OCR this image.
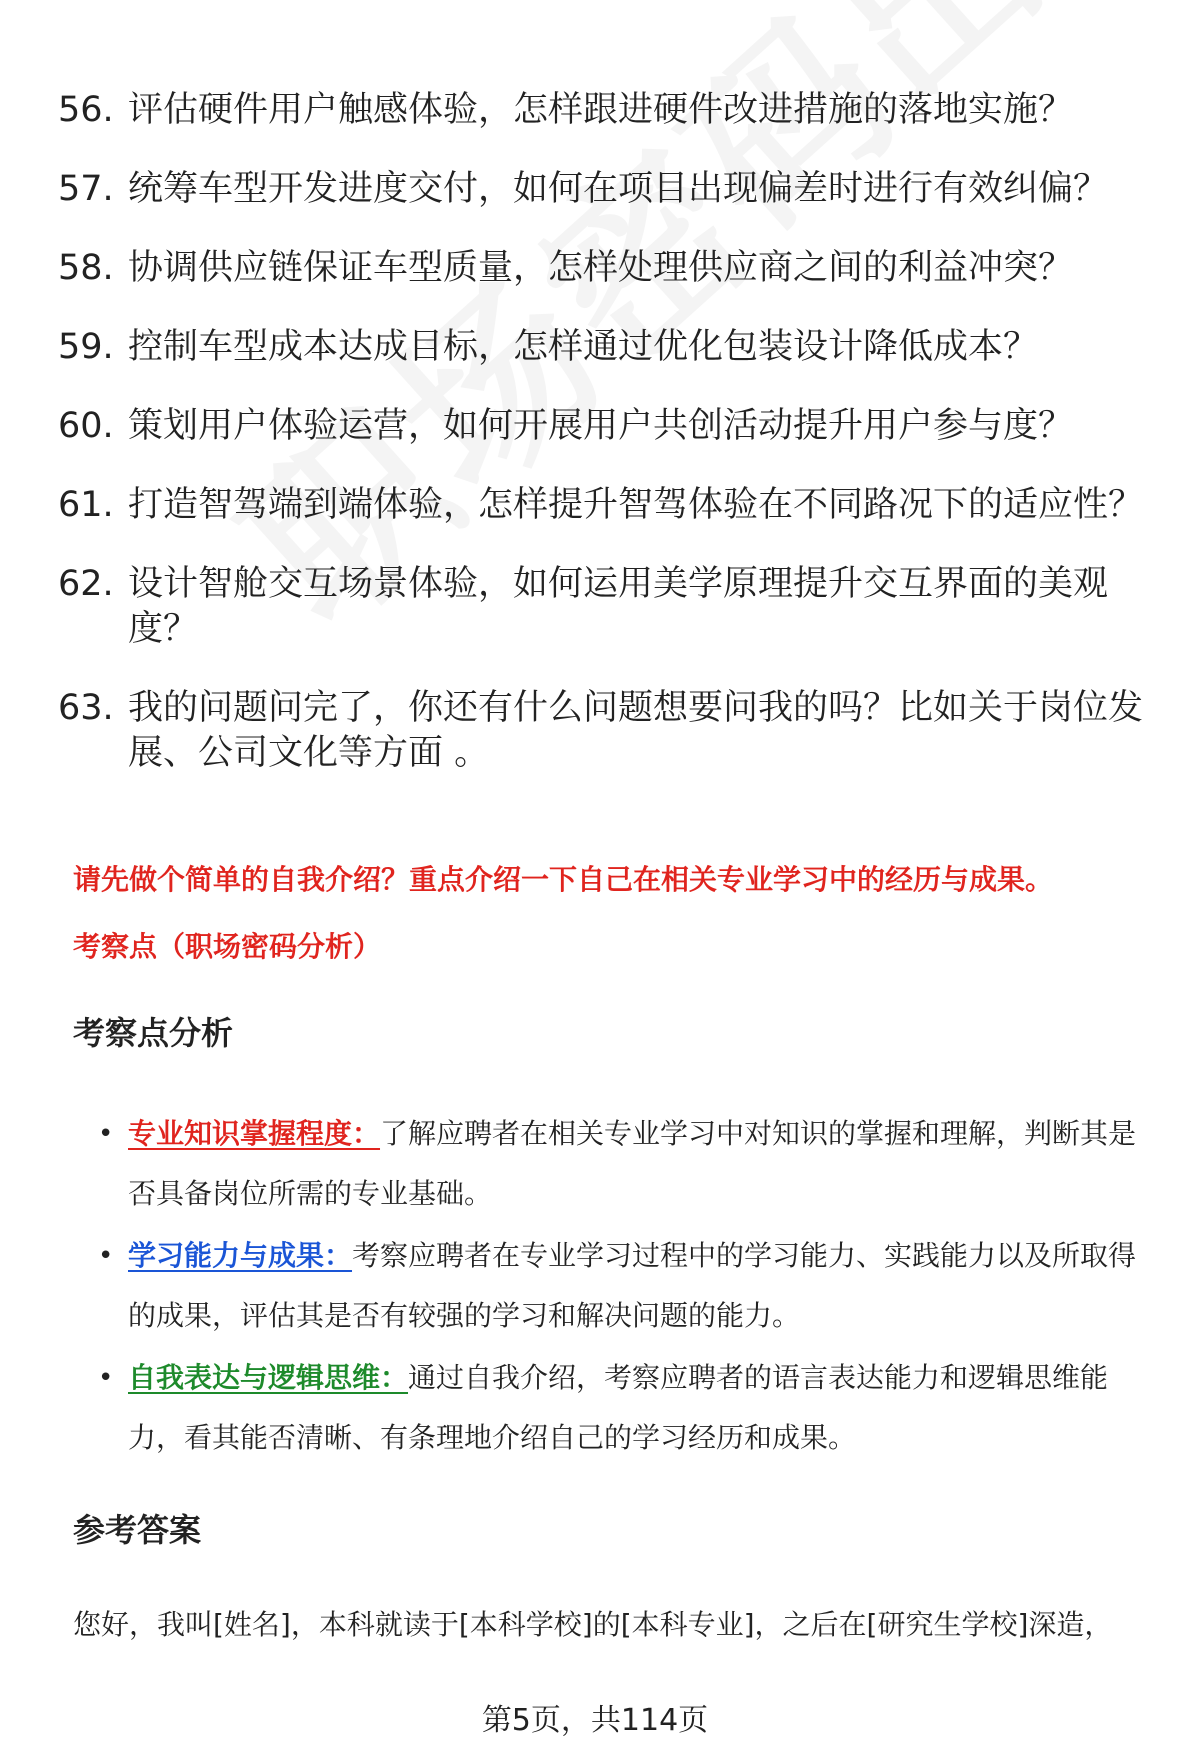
56. 评估硬件用户触感体验，怎样跟进硬件改进措施的落地实施？
57. 统筹车型开发进度交付，如何在项目出现偏差时进行有效纠偏？
58. 协调供应链保证车型质量，怎样处理供应商之间的利益冲突？
59. 控制车型成本达成目标，怎样通过优化包装设计降低成本？
60. 策划用户体验运营，如何开展用户共创活动提升用户参与度？
61. 打造智驾端到端体验，怎样提升智驾体验在不同路况下的适应性？
62. 设计智舱交互场景体验，如何运用美学原理提升交互界面的美观度？
63. 我的问题问完了，你还有什么问题想要问我的吗？比如关于岗位发展、公司文化等方面 。
请先做个简单的自我介绍？重点介绍一下自己在相关专业学习中的经历与成果。
考察点（职场密码分析）
考察点分析
• 专业知识掌握程度：了解应聘者在相关专业学习中对知识的掌握和理解，判断其是否具备岗位所需的专业基础。
• 学习能力与成果：考察应聘者在专业学习过程中的学习能力、实践能力以及所取得的成果，评估其是否有较强的学习和解决问题的能力。
• 自我表达与逻辑思维：通过自我介绍，考察应聘者的语言表达能力和逻辑思维能力，看其能否清晰、有条理地介绍自己的学习经历和成果。
参考答案
您好，我叫[姓名]，本科就读于[本科学校]的[本科专业]，之后在[研究生学校]深造，
第5页，共114页
